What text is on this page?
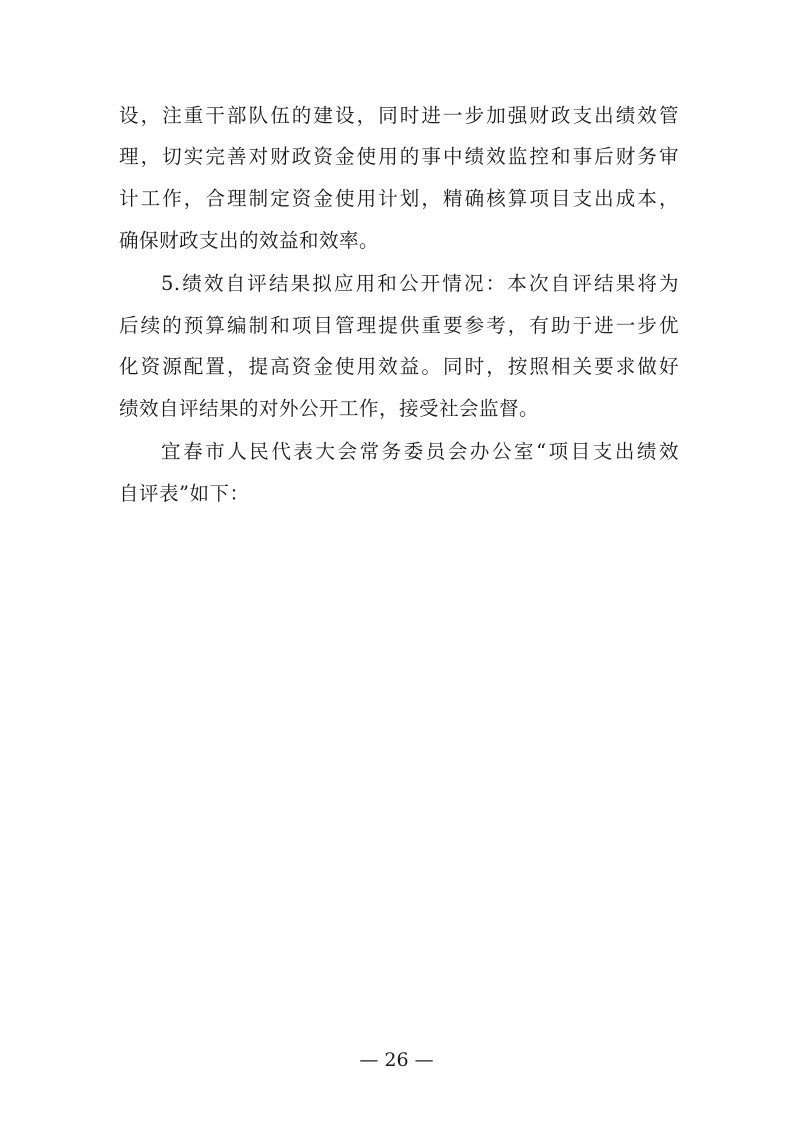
设，注重干部队伍的建设，同时进一步加强财政支出绩效管
理，切实完善对财政资金使用的事中绩效监控和事后财务审
计工作，合理制定资金使用计划，精确核算项目支出成本，
确保财政支出的效益和效率。
5.绩效自评结果拟应用和公开情况：本次自评结果将为
后续的预算编制和项目管理提供重要参考，有助于进一步优
化资源配置，提高资金使用效益。同时，按照相关要求做好
绩效自评结果的对外公开工作，接受社会监督。
宜春市人民代表大会常务委员会办公室“项目支出绩效
自评表”如下：
— 26 —
